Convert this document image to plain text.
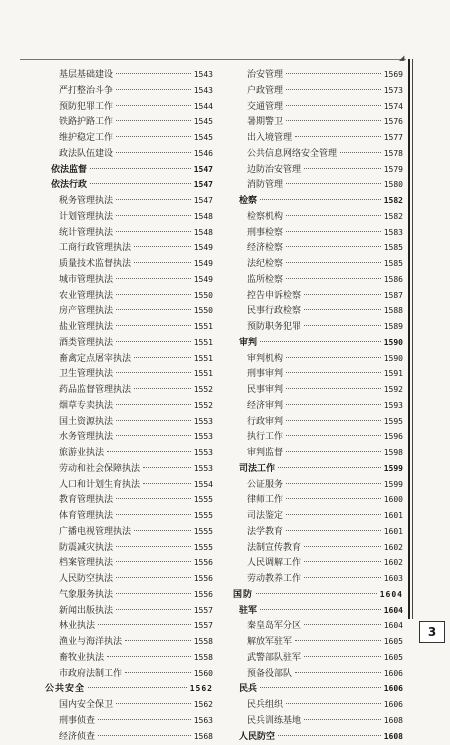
◢
基层基础建设	1543
严打整治斗争	1543
预防犯罪工作	1544
铁路护路工作	1545
维护稳定工作	1545
政法队伍建设	1546
依法监督	1547
依法行政	1547
税务管理执法	1547
计划管理执法	1548
统计管理执法	1548
工商行政管理执法	1549
质量技术监督执法	1549
城市管理执法	1549
农业管理执法	1550
房产管理执法	1550
盐业管理执法	1551
酒类管理执法	1551
畜禽定点屠宰执法	1551
卫生管理执法	1551
药品监督管理执法	1552
烟草专卖执法	1552
国土资源执法	1553
水务管理执法	1553
旅游业执法	1553
劳动和社会保障执法	1553
人口和计划生育执法	1554
教育管理执法	1555
体育管理执法	1555
广播电视管理执法	1555
防震减灾执法	1555
档案管理执法	1556
人民防空执法	1556
气象服务执法	1556
新闻出版执法	1557
林业执法	1557
渔业与海洋执法	1558
畜牧业执法	1558
市政府法制工作	1560
公共安全	1562
国内安全保卫	1562
刑事侦查	1563
经济侦查	1568
治安管理	1569
户政管理	1573
交通管理	1574
暑期警卫	1576
出入境管理	1577
公共信息网络安全管理	1578
边防治安管理	1579
消防管理	1580
检察	1582
检察机构	1582
刑事检察	1583
经济检察	1585
法纪检察	1585
监所检察	1586
控告申诉检察	1587
民事行政检察	1588
预防职务犯罪	1589
审判	1590
审判机构	1590
刑事审判	1591
民事审判	1592
经济审判	1593
行政审判	1595
执行工作	1596
审判监督	1598
司法工作	1599
公证服务	1599
律师工作	1600
司法鉴定	1601
法学教育	1601
法制宣传教育	1602
人民调解工作	1602
劳动教养工作	1603
国防	1604
驻军	1604
秦皇岛军分区	1604
解放军驻军	1605
武警部队驻军	1605
预备役部队	1606
民兵	1606
民兵组织	1606
民兵训练基地	1608
人民防空	1608
3
